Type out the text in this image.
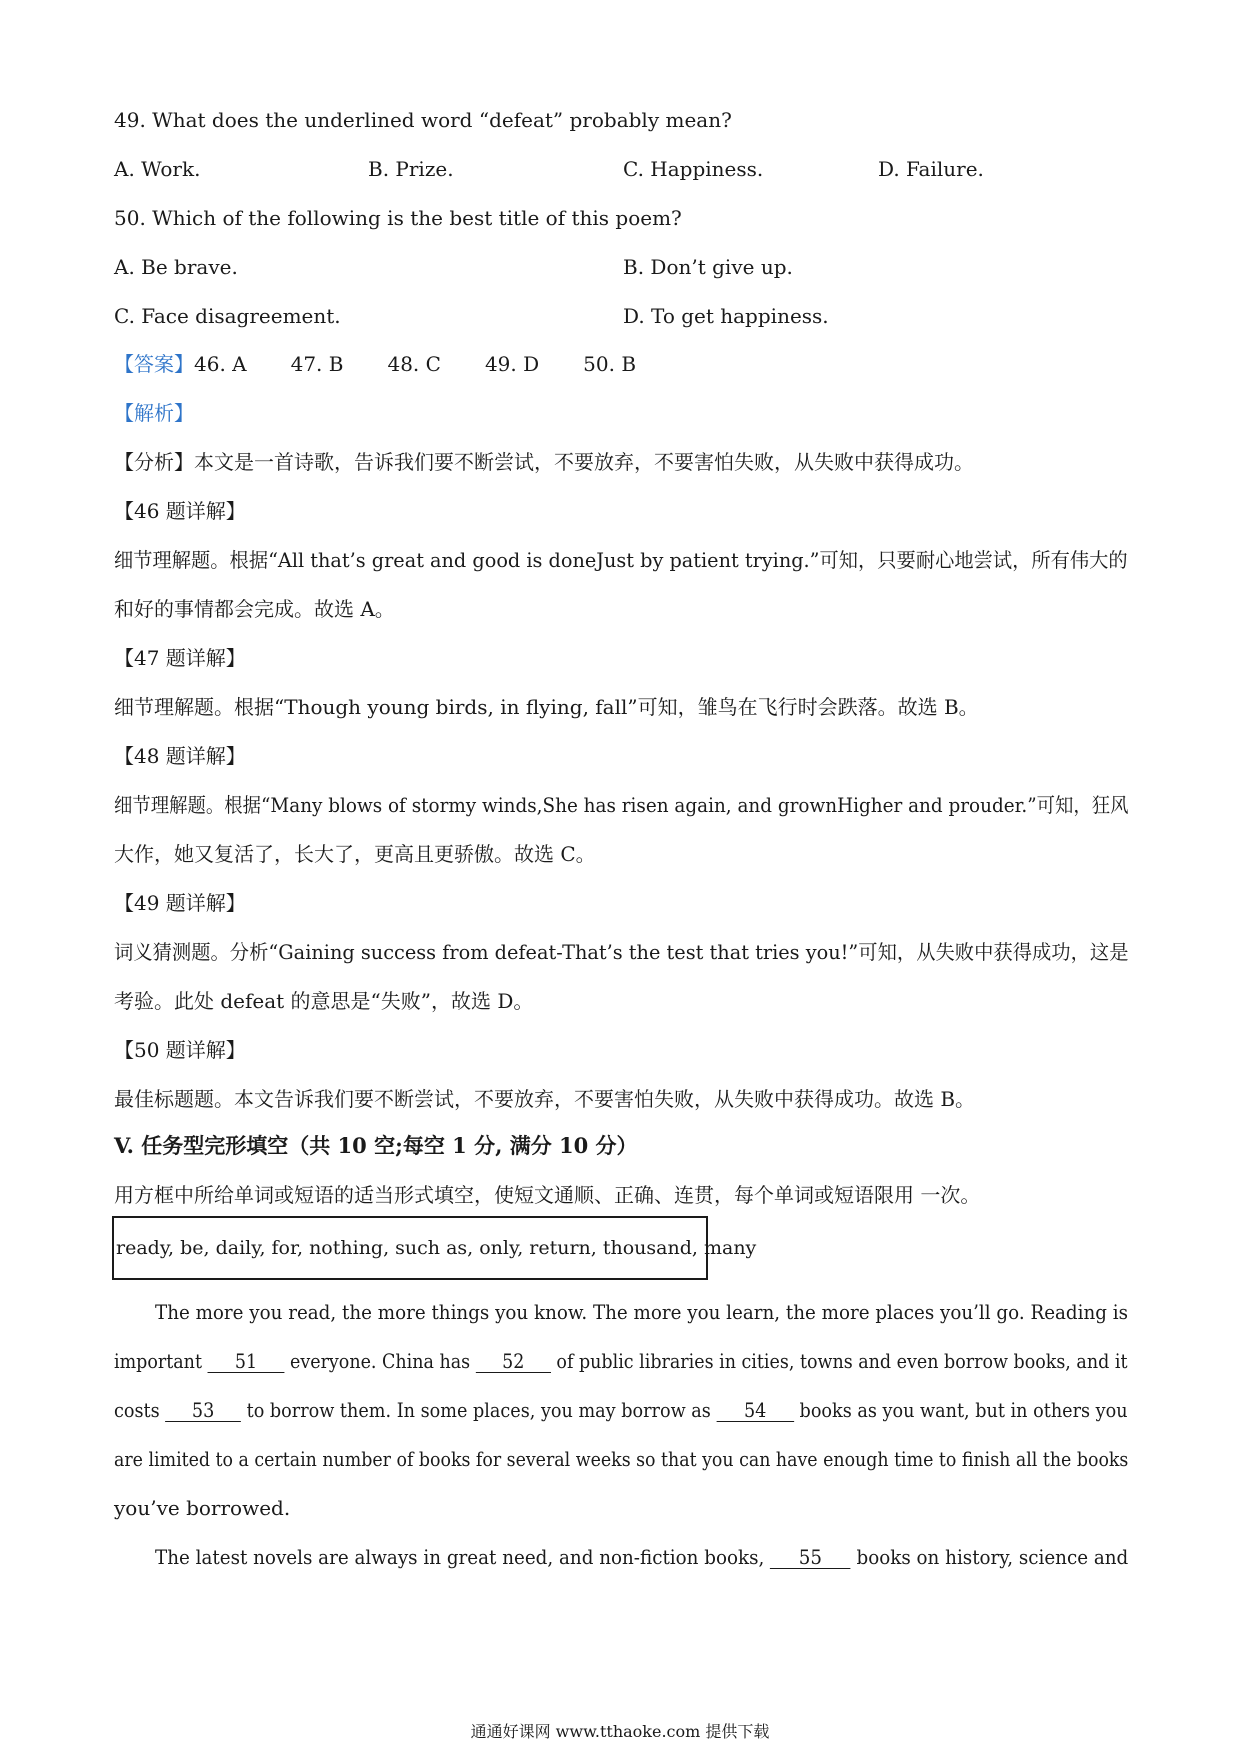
49. What does the underlined word “defeat” probably mean?
A. Work.	B. Prize.	C. Happiness.	D. Failure.
50. Which of the following is the best title of this poem?
A. Be brave.	B. Don’t give up.
C. Face disagreement.	D. To get happiness.
【答案】46. A 47. B 48. C 49. D 50. B
【解析】
【分析】本文是一首诗歌，告诉我们要不断尝试，不要放弃，不要害怕失败，从失败中获得成功。
【46 题详解】
细节理解题。根据“All that’s great and good is doneJust by patient trying.”可知，只要耐心地尝试，所有伟大的
和好的事情都会完成。故选 A。
【47 题详解】
细节理解题。根据“Though young birds, in flying, fall”可知，雏鸟在飞行时会跌落。故选 B。
【48 题详解】
细节理解题。根据“Many blows of stormy winds,She has risen again, and grownHigher and prouder.”可知，狂风
大作，她又复活了，长大了，更高且更骄傲。故选 C。
【49 题详解】
词义猜测题。分析“Gaining success from defeat-That’s the test that tries you!”可知，从失败中获得成功，这是
考验。此处 defeat 的意思是“失败”，故选 D。
【50 题详解】
最佳标题题。本文告诉我们要不断尝试，不要放弃，不要害怕失败，从失败中获得成功。故选 B。
V. 任务型完形填空（共 10 空;每空 1 分, 满分 10 分）
用方框中所给单词或短语的适当形式填空，使短文通顺、正确、连贯，每个单词或短语限用 一次。
ready, be, daily, for, nothing, such as, only, return, thousand, many
The more you read, the more things you know. The more you learn, the more places you’ll go. Reading is
important 51 everyone. China has 52 of public libraries in cities, towns and even borrow books, and it
costs 53 to borrow them. In some places, you may borrow as 54 books as you want, but in others you
are limited to a certain number of books for several weeks so that you can have enough time to finish all the books
you’ve borrowed.
The latest novels are always in great need, and non-fiction books, 55 books on history, science and
通通好课网 www.tthaoke.com 提供下载
